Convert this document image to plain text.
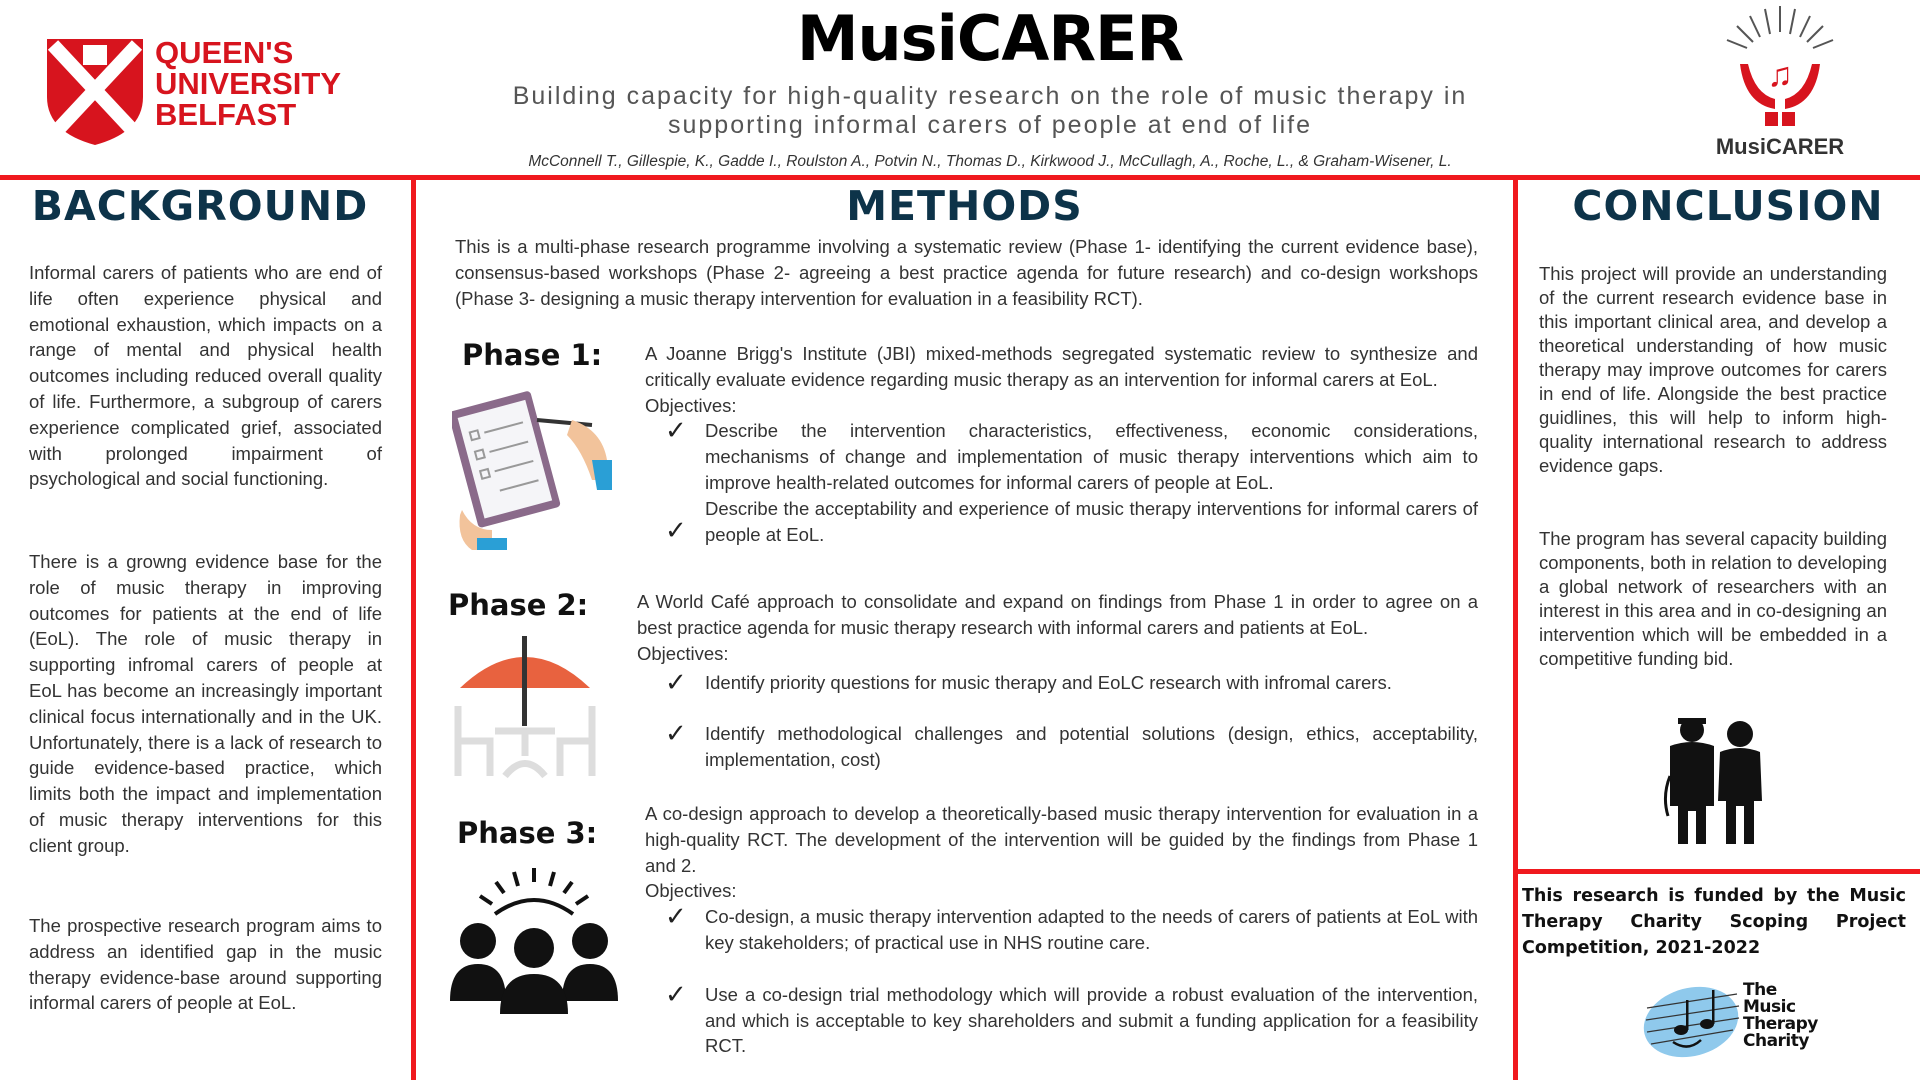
QUEEN'S
UNIVERSITY
BELFAST
MusiCARER
Building capacity for high-quality research on the role of music therapy in
supporting informal carers of people at end of life
McConnell T., Gillespie, K., Gadde I., Roulston A., Potvin N., Thomas D., Kirkwood J., McCullagh, A., Roche, L., & Graham-Wisener, L.
♫
MusiCARER
BACKGROUND
Informal carers of patients who are end of life often experience physical and emotional exhaustion, which impacts on a range of mental and physical health outcomes including reduced overall quality of life. Furthermore, a subgroup of carers experience complicated grief, associated with prolonged impairment of psychological and social functioning.
There is a growng evidence base for the role of music therapy in improving outcomes for patients at the end of life (EoL). The role of music therapy in supporting infromal carers of people at EoL has become an increasingly important clinical focus internationally and in the UK. Unfortunately, there is a lack of research to guide evidence-based practice, which limits both the impact and implementation of music therapy interventions for this client group.
The prospective research program aims to address an identified gap in the music therapy evidence-base around supporting informal carers of people at EoL.
METHODS
This is a multi-phase research programme involving a systematic review (Phase 1- identifying the current evidence base), consensus-based workshops (Phase 2- agreeing a best practice agenda for future research) and co-design workshops (Phase 3- designing a music therapy intervention for evaluation in a feasibility RCT).
Phase 1: A Joanne Brigg's Institute (JBI) mixed-methods segregated systematic review to synthesize and critically evaluate evidence regarding music therapy as an intervention for informal carers at EoL.
Objectives:
✓ Describe the intervention characteristics, effectiveness, economic considerations, mechanisms of change and implementation of music therapy interventions which aim to improve health-related outcomes for informal carers of people at EoL.
✓
Describe the acceptability and experience of music therapy interventions for informal carers of people at EoL.
Phase 2:	A World Café approach to consolidate and expand on findings from Phase 1 in order to agree on a best practice agenda for music therapy research with informal carers and patients at EoL.
Objectives:
✓ Identify priority questions for music therapy and EoLC research with infromal carers.
✓ Identify methodological challenges and potential solutions (design, ethics, acceptability, implementation, cost)
Phase 3:
A co-design approach to develop a theoretically-based music therapy intervention for evaluation in a high-quality RCT. The development of the intervention will be guided by the findings from Phase 1 and 2.
Objectives:
✓ Co-design, a music therapy intervention adapted to the needs of carers of patients at EoL with key stakeholders; of practical use in NHS routine care.
✓ Use a co-design trial methodology which will provide a robust evaluation of the intervention, and which is acceptable to key shareholders and submit a funding application for a feasibility RCT.
CONCLUSION
This project will provide an understanding of the current research evidence base in this important clinical area, and develop a theoretical understanding of how music therapy may improve outcomes for carers in end of life. Alongside the best practice guidlines, this will help to inform high-quality international research to address evidence gaps.
The program has several capacity building components, both in relation to developing a global network of researchers with an interest in this area and in co-designing an intervention which will be embedded in a competitive funding bid.
This research is funded by the Music Therapy Charity Scoping Project Competition, 2021-2022
The
Music
Therapy
Charity
